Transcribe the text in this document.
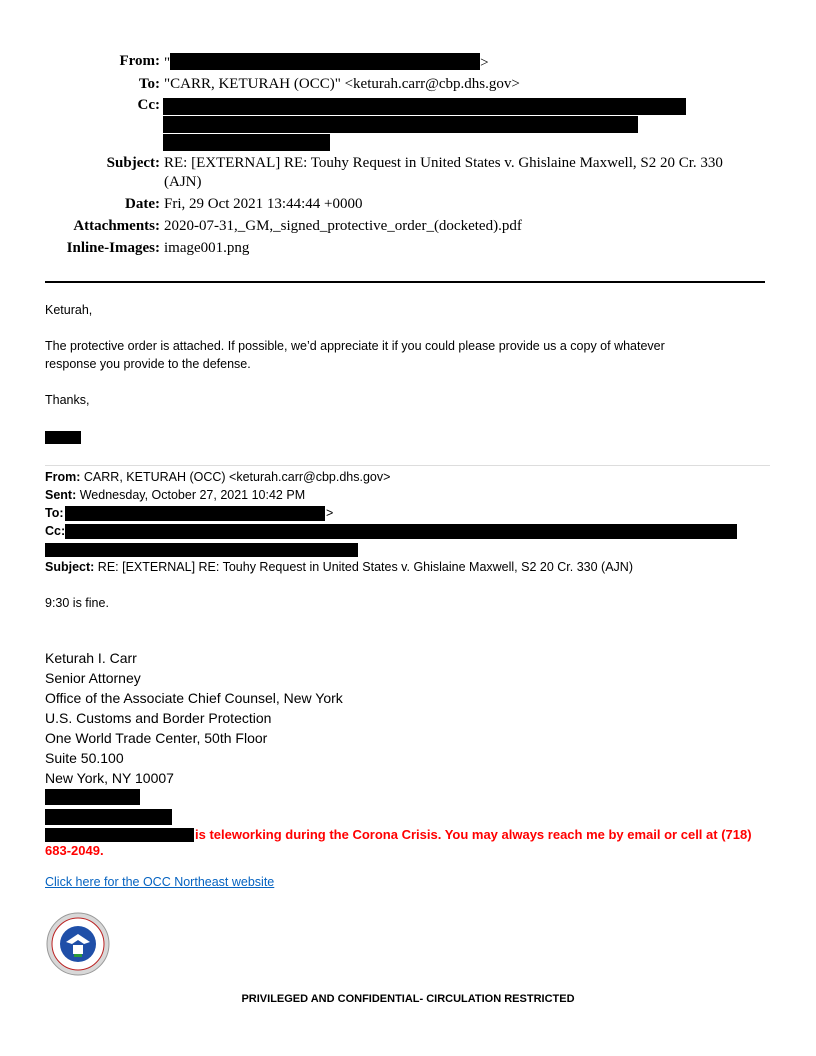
From: "	>
To: "CARR, KETURAH (OCC)" <keturah.carr@cbp.dhs.gov>
Cc:
Subject: RE: [EXTERNAL] RE: Touhy Request in United States v. Ghislaine Maxwell, S2 20 Cr. 330
(AJN)
Date: Fri, 29 Oct 2021 13:44:44 +0000
Attachments: 2020-07-31,_GM,_signed_protective_order_(docketed).pdf
Inline-Images: image001.png
Keturah,
The protective order is attached. If possible, we’d appreciate it if you could please provide us a copy of whatever
response you provide to the defense.
Thanks,
From: CARR, KETURAH (OCC) <keturah.carr@cbp.dhs.gov>
Sent: Wednesday, October 27, 2021 10:42 PM
To:	>
Cc:
Subject: RE: [EXTERNAL] RE: Touhy Request in United States v. Ghislaine Maxwell, S2 20 Cr. 330 (AJN)
9:30 is fine.
Keturah I. Carr
Senior Attorney
Office of the Associate Chief Counsel, New York
U.S. Customs and Border Protection
One World Trade Center, 50th Floor
Suite 50.100
New York, NY 10007
is teleworking during the Corona Crisis. You may always reach me by email or cell at (718)
683-2049.
Click here for the OCC Northeast website
PRIVILEGED AND CONFIDENTIAL- CIRCULATION RESTRICTED
